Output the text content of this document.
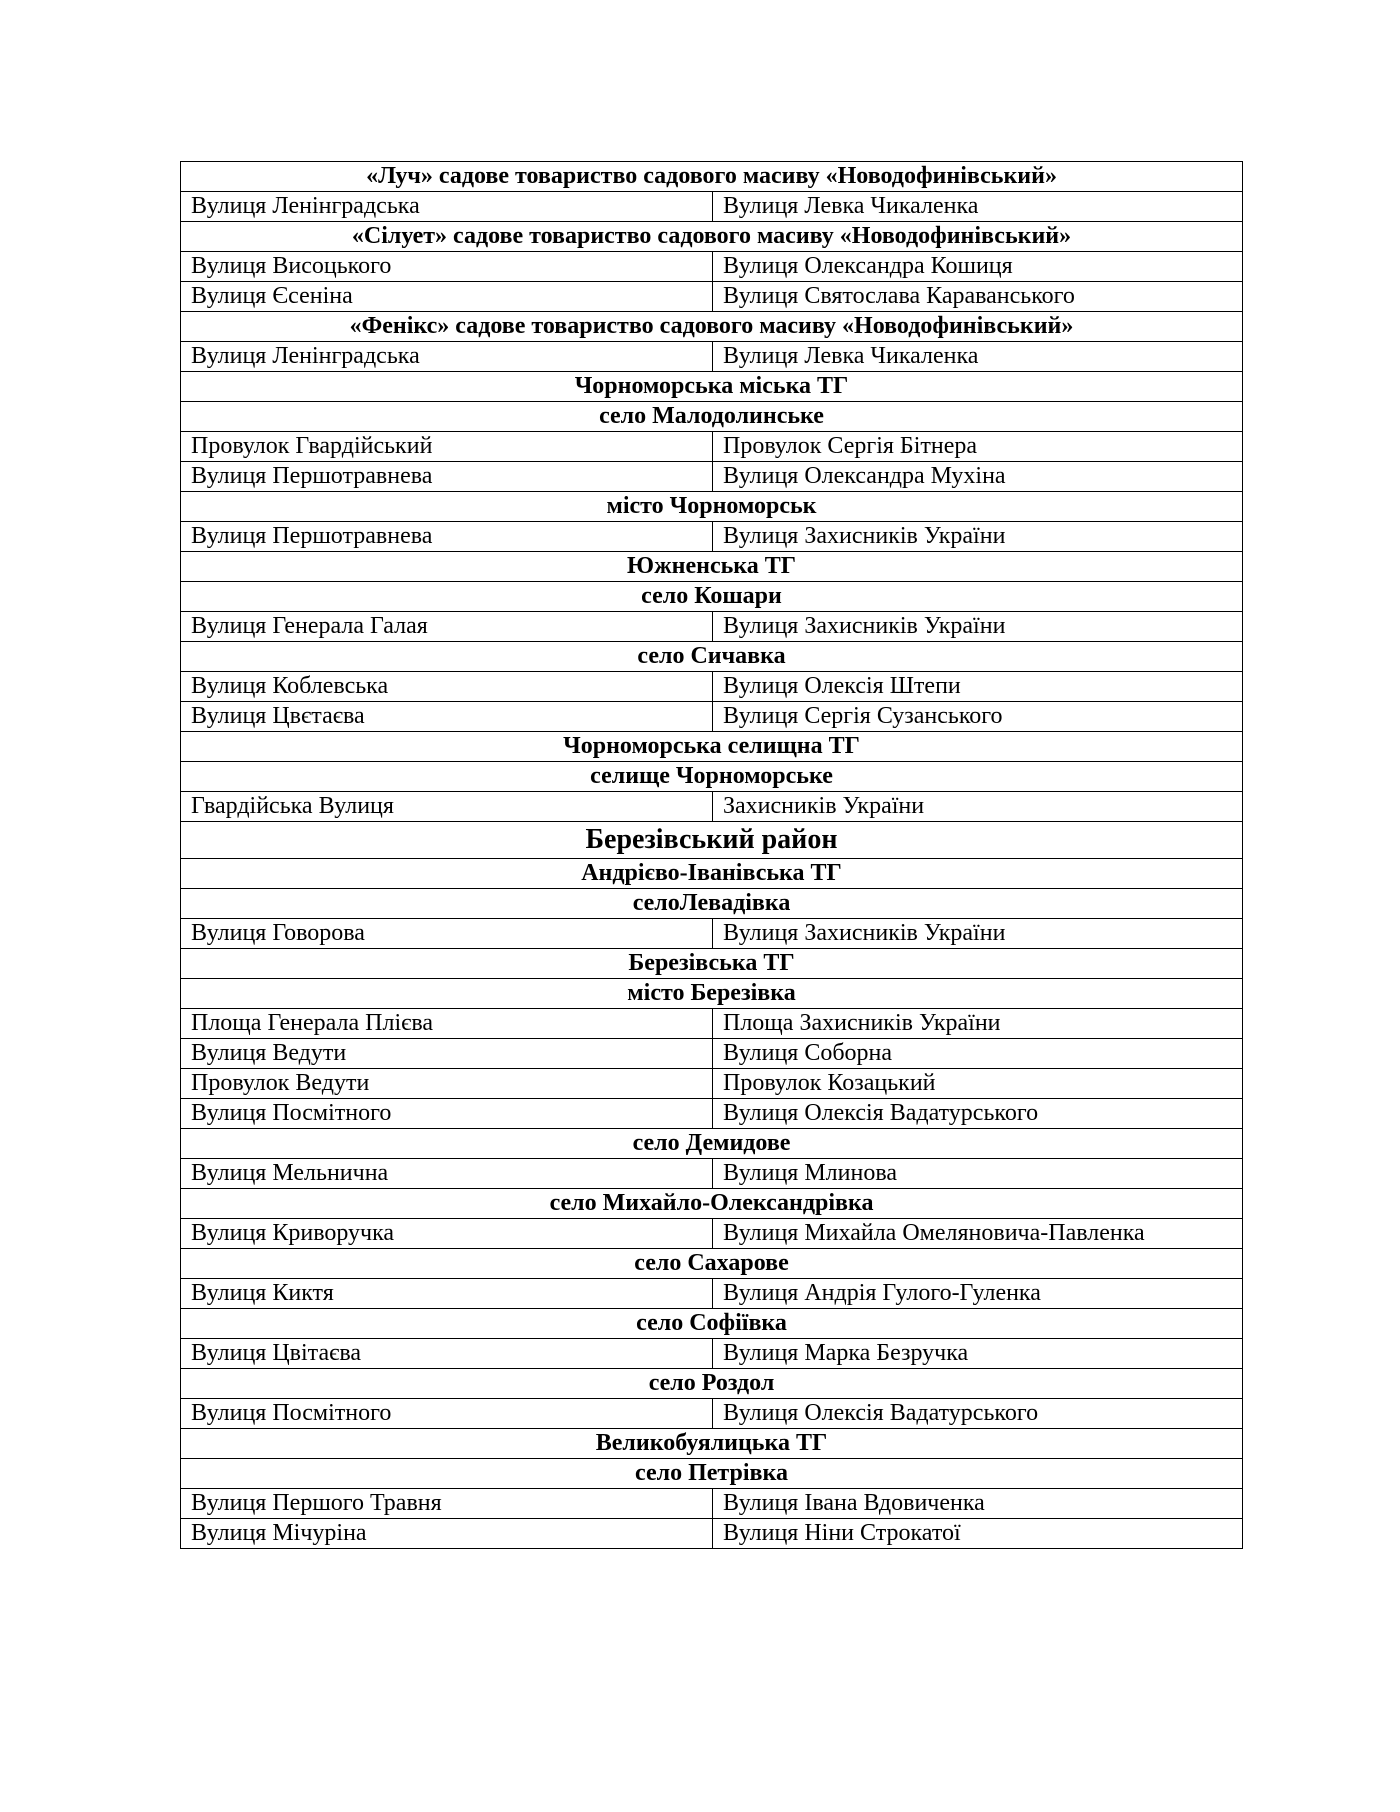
«Луч» садове товариство садового масиву «Новодофинівський»	
Вулиця Ленінградська	Вулиця Левка Чикаленка
«Сілует» садове товариство садового масиву «Новодофинівський»	
Вулиця Висоцького	Вулиця Олександра Кошиця
Вулиця Єсеніна	Вулиця Святослава Караванського
«Фенікс» садове товариство садового масиву «Новодофинівський»	
Вулиця Ленінградська	Вулиця Левка Чикаленка
Чорноморська міська ТГ	
село Малодолинське	
Провулок Гвардійський	Провулок Сергія Бітнера
Вулиця Першотравнева	Вулиця Олександра Мухіна
місто Чорноморськ	
Вулиця Першотравнева	Вулиця Захисників України
Южненська ТГ	
село Кошари	
Вулиця Генерала Галая	Вулиця Захисників України
село Сичавка	
Вулиця Коблевська	Вулиця Олексія Штепи
Вулиця Цвєтаєва	Вулиця Сергія Сузанського
Чорноморська селищна ТГ	
селище Чорноморське	
Гвардійська Вулиця	Захисників України
Березівський район	
Андрієво-Іванівська ТГ	
селоЛевадівка	
Вулиця Говорова	Вулиця Захисників України
Березівська ТГ	
місто Березівка	
Площа Генерала Плієва	Площа Захисників України
Вулиця Ведути	Вулиця Соборна
Провулок Ведути	Провулок Козацький
Вулиця Посмітного	Вулиця Олексія Вадатурського
село Демидове	
Вулиця Мельнична	Вулиця Млинова
село Михайло-Олександрівка	
Вулиця Криворучка	Вулиця Михайла Омеляновича-Павленка
село Сахарове	
Вулиця Киктя	Вулиця Андрія Гулого-Гуленка
село Софіївка	
Вулиця Цвітаєва	Вулиця Марка Безручка
село Роздол	
Вулиця Посмітного	Вулиця Олексія Вадатурського
Великобуялицька ТГ	
село Петрівка	
Вулиця Першого Травня	Вулиця Івана Вдовиченка
Вулиця Мічуріна	Вулиця Ніни Строкатої
